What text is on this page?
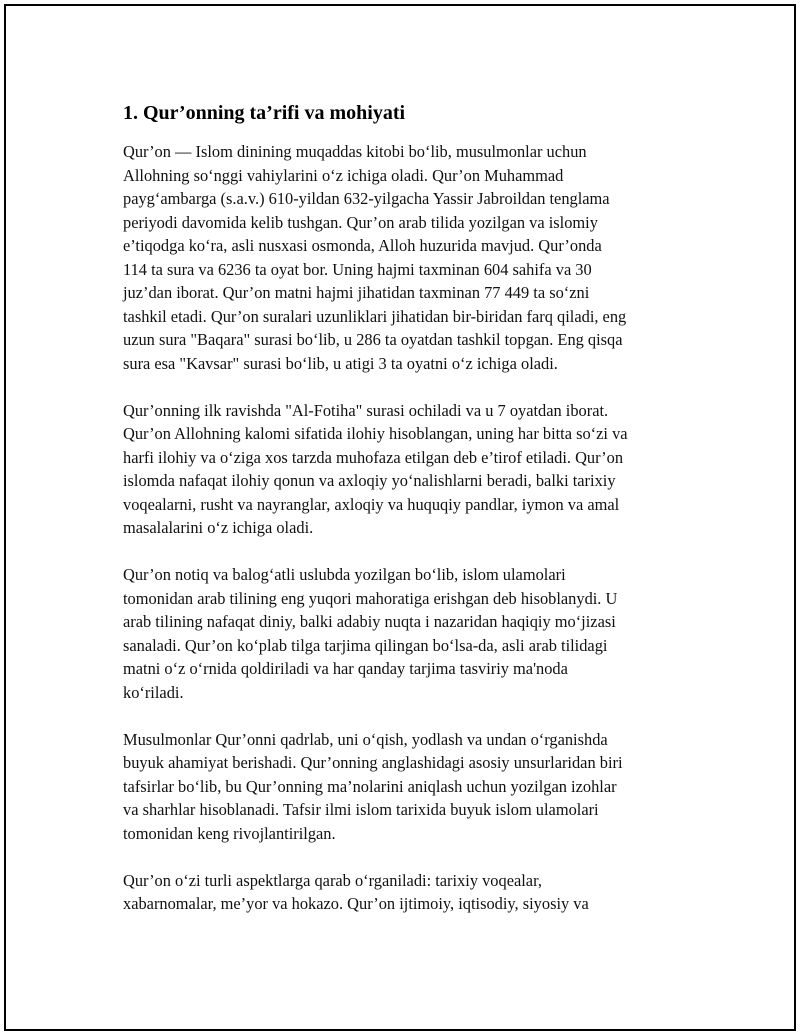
1. Qur’onning ta’rifi va mohiyati

Qur’on — Islom dinining muqaddas kitobi bo‘lib, musulmonlar uchun
Allohning so‘nggi vahiylarini o‘z ichiga oladi. Qur’on Muhammad
payg‘ambarga (s.a.v.) 610-yildan 632-yilgacha Yassir Jabroildan tenglama
periyodi davomida kelib tushgan. Qur’on arab tilida yozilgan va islomiy
e’tiqodga ko‘ra, asli nusxasi osmonda, Alloh huzurida mavjud. Qur’onda
114 ta sura va 6236 ta oyat bor. Uning hajmi taxminan 604 sahifa va 30
juz’dan iborat. Qur’on matni hajmi jihatidan taxminan 77 449 ta so‘zni
tashkil etadi. Qur’on suralari uzunliklari jihatidan bir-biridan farq qiladi, eng
uzun sura "Baqara" surasi bo‘lib, u 286 ta oyatdan tashkil topgan. Eng qisqa
sura esa "Kavsar" surasi bo‘lib, u atigi 3 ta oyatni o‘z ichiga oladi.

Qur’onning ilk ravishda "Al-Fotiha" surasi ochiladi va u 7 oyatdan iborat.
Qur’on Allohning kalomi sifatida ilohiy hisoblangan, uning har bitta so‘zi va
harfi ilohiy va o‘ziga xos tarzda muhofaza etilgan deb e’tirof etiladi. Qur’on
islomda nafaqat ilohiy qonun va axloqiy yo‘nalishlarni beradi, balki tarixiy
voqealarni, rusht va nayranglar, axloqiy va huquqiy pandlar, iymon va amal
masalalarini o‘z ichiga oladi.

Qur’on notiq va balog‘atli uslubda yozilgan bo‘lib, islom ulamolari
tomonidan arab tilining eng yuqori mahoratiga erishgan deb hisoblanydi. U
arab tilining nafaqat diniy, balki adabiy nuqta i nazaridan haqiqiy mo‘jizasi
sanaladi. Qur’on ko‘plab tilga tarjima qilingan bo‘lsa-da, asli arab tilidagi
matni o‘z o‘rnida qoldiriladi va har qanday tarjima tasviriy ma'noda
ko‘riladi.

Musulmonlar Qur’onni qadrlab, uni o‘qish, yodlash va undan o‘rganishda
buyuk ahamiyat berishadi. Qur’onning anglashidagi asosiy unsurlaridan biri
tafsirlar bo‘lib, bu Qur’onning ma’nolarini aniqlash uchun yozilgan izohlar
va sharhlar hisoblanadi. Tafsir ilmi islom tarixida buyuk islom ulamolari
tomonidan keng rivojlantirilgan.

Qur’on o‘zi turli aspektlarga qarab o‘rganiladi: tarixiy voqealar,
xabarnomalar, me’yor va hokazo. Qur’on ijtimoiy, iqtisodiy, siyosiy va
